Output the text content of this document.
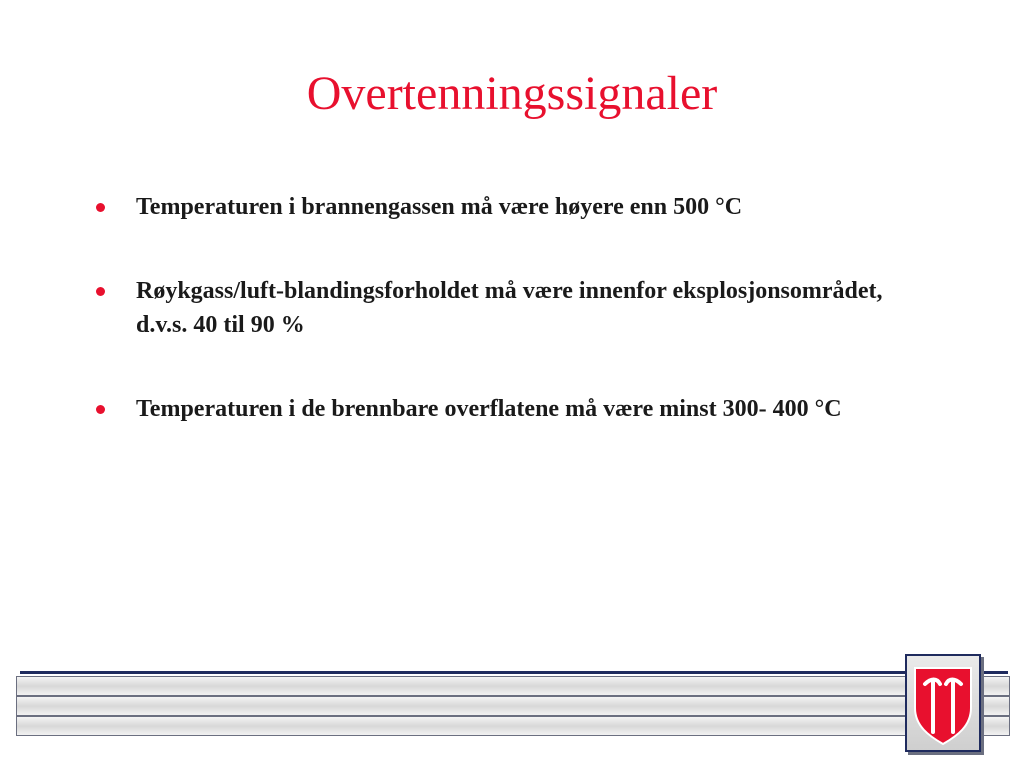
Overtenningssignaler
Temperaturen i brannengassen må være høyere enn 500 °C
Røykgass/luft-blandingsforholdet må være innenfor eksplosjonsområdet, d.v.s. 40 til 90 %
Temperaturen i de brennbare overflatene må være minst 300- 400 °C
